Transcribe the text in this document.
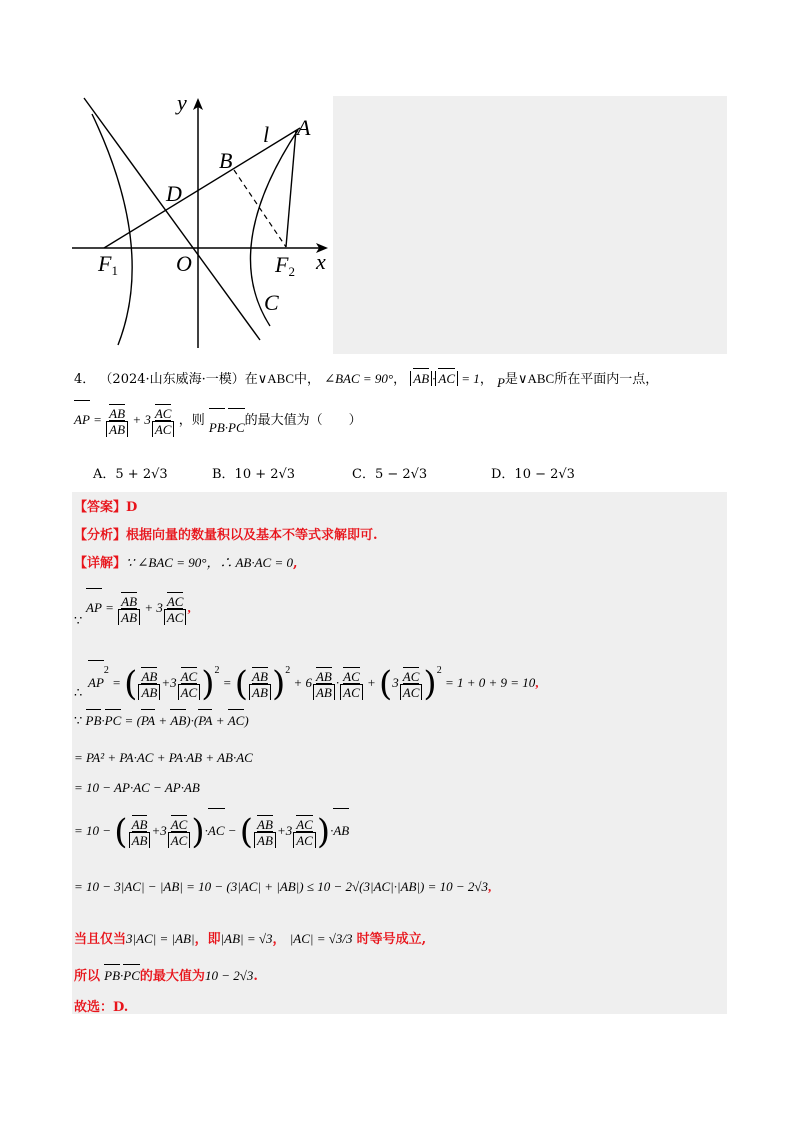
y
l A
B
D
O
$F_1$	$F_2$ x
C
4． （2024·山东威海·一模）在∨ABC中， ∠BAC = 90°， AB · AC = 1， P是∨ABC所在平面内一点，
AP = $\frac{AB}{AB} + 3 \frac{AC}{AC}$ ，则 PB·PC的最大值为（　　）
A．5 + 2√3	B．10 + 2√3	C．5 − 2√3	D．10 − 2√3
【答案】D
【分析】根据向量的数量积以及基本不等式求解即可.
【详解】∵ ∠BAC = 90°，∴ AB·AC = 0,
∵
AP = $\frac{AB}{AB} + 3 \frac{AC}{AC}$ ,
∴
$AP^2$ = ( $\frac{AB}{AB} +3 \frac{AC}{AC} )^2$ = ( $\frac{AB}{AB} )^2 + 6 \frac{AB}{AB} \cdot \frac{AC}{AC} + (3 \frac{AC}{AC} )^2 = 1 + 0 + 9 = 10$,
∵ PB·PC = (PA + AB)·(PA + AC)
= PA² + PA·AC + PA·AB + AB·AC
= 10 − AP·AC − AP·AB
= 10 − ( $\frac{AB}{AB} +3 \frac{AC}{AC} )\cdot AC$ − ( $\frac{AB}{AB} +3 \frac{AC}{AC} )\cdot AB$
= 10 − 3|AC| − |AB| = 10 − (3|AC| + |AB|) ≤ 10 − 2√(3|AC|·|AB|) = 10 − 2√3,
当且仅当3|AC| = |AB|，即|AB| = √3， |AC| = √3/3 时等号成立,
所以 PB·PC的最大值为10 − 2√3.
故选：D.
